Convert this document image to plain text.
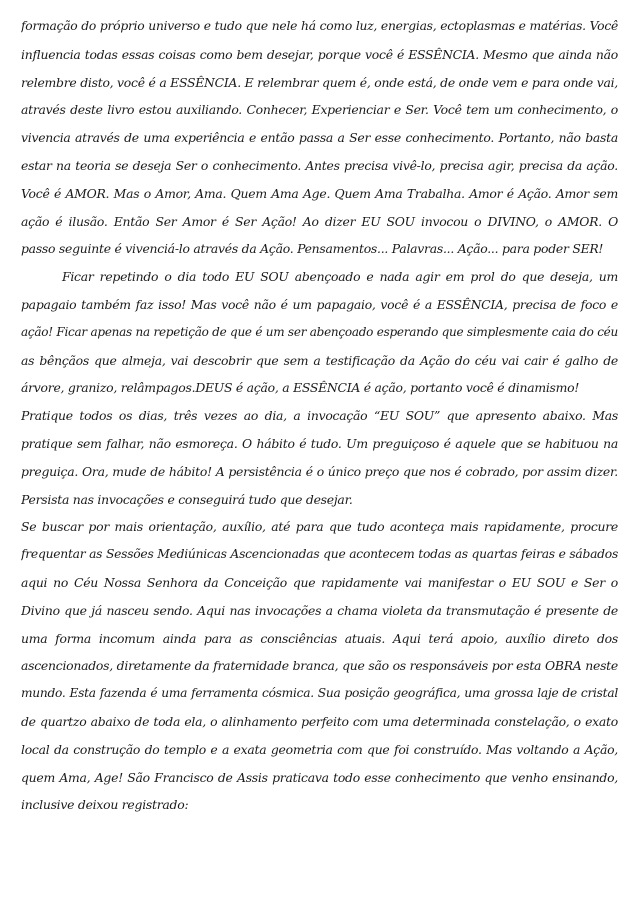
formação do próprio universo e tudo que nele há como luz, energias, ectoplasmas e matérias. Você
influencia todas essas coisas como bem desejar, porque você é ESSÊNCIA. Mesmo que ainda não
relembre disto, você é a ESSÊNCIA. E relembrar quem é, onde está, de onde vem e para onde vai,
através deste livro estou auxiliando. Conhecer, Experienciar e Ser. Você tem um conhecimento, o
vivencia através de uma experiência e então passa a Ser esse conhecimento. Portanto, não basta
estar na teoria se deseja Ser o conhecimento. Antes precisa vivê-lo, precisa agir, precisa da ação.
Você é AMOR. Mas o Amor, Ama. Quem Ama Age. Quem Ama Trabalha. Amor é Ação. Amor sem
ação é ilusão. Então Ser Amor é Ser Ação! Ao dizer EU SOU invocou o DIVINO, o AMOR. O
passo seguinte é vivenciá-lo através da Ação. Pensamentos... Palavras... Ação... para poder SER!
Ficar repetindo o dia todo EU SOU abençoado e nada agir em prol do que deseja, um
papagaio também faz isso! Mas você não é um papagaio, você é a ESSÊNCIA, precisa de foco e
ação! Ficar apenas na repetição de que é um ser abençoado esperando que simplesmente caia do céu
as bênçãos que almeja, vai descobrir que sem a testificação da Ação do céu vai cair é galho de
árvore, granizo, relâmpagos.DEUS é ação, a ESSÊNCIA é ação, portanto você é dinamismo!
Pratique todos os dias, três vezes ao dia, a invocação “EU SOU” que apresento abaixo. Mas
pratique sem falhar, não esmoreça. O hábito é tudo. Um preguiçoso é aquele que se habituou na
preguiça. Ora, mude de hábito! A persistência é o único preço que nos é cobrado, por assim dizer.
Persista nas invocações e conseguirá tudo que desejar.
Se buscar por mais orientação, auxílio, até para que tudo aconteça mais rapidamente, procure
frequentar as Sessões Mediúnicas Ascencionadas que acontecem todas as quartas feiras e sábados
aqui no Céu Nossa Senhora da Conceição que rapidamente vai manifestar o EU SOU e Ser o
Divino que já nasceu sendo. Aqui nas invocações a chama violeta da transmutação é presente de
uma forma incomum ainda para as consciências atuais. Aqui terá apoio, auxílio direto dos
ascencionados, diretamente da fraternidade branca, que são os responsáveis por esta OBRA neste
mundo. Esta fazenda é uma ferramenta cósmica. Sua posição geográfica, uma grossa laje de cristal
de quartzo abaixo de toda ela, o alinhamento perfeito com uma determinada constelação, o exato
local da construção do templo e a exata geometria com que foi construído. Mas voltando a Ação,
quem Ama, Age! São Francisco de Assis praticava todo esse conhecimento que venho ensinando,
inclusive deixou registrado:
